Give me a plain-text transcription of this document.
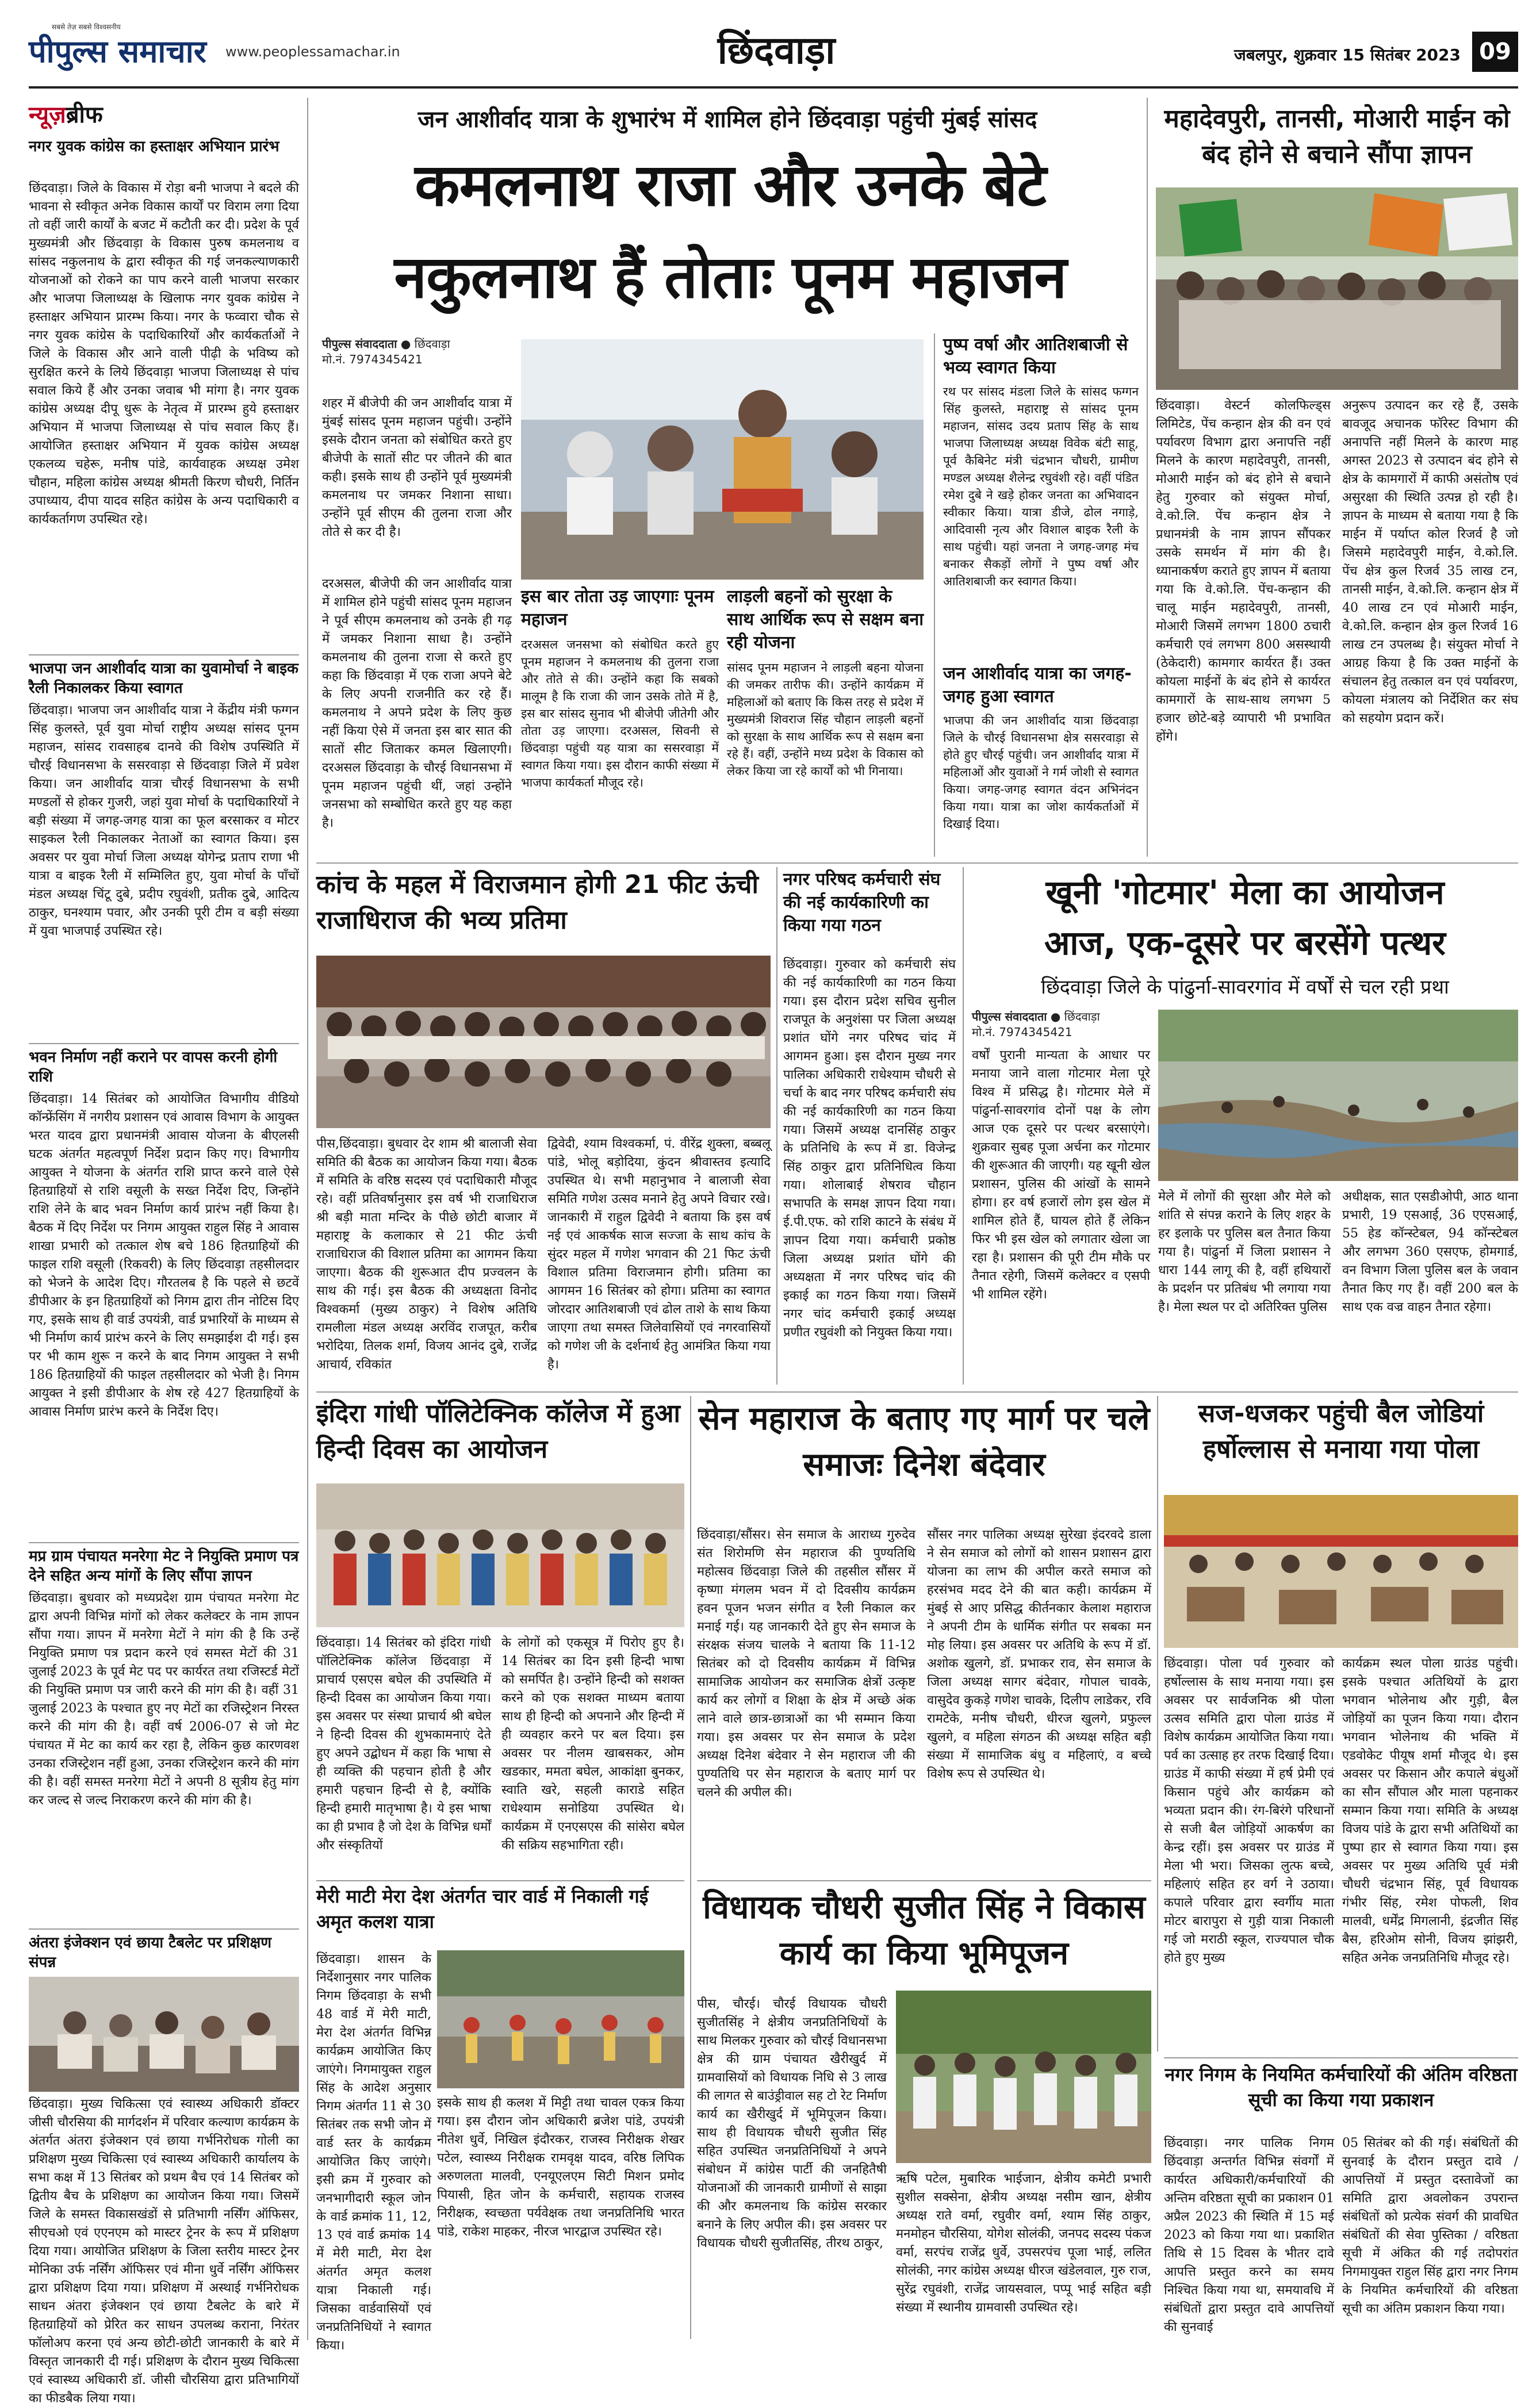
सबसे तेज़ सबसे विश्वसनीय
पीपुल्स समाचार	www.peoplessamachar.in	छिंदवाड़ा	जबलपुर, शुक्रवार 15 सितंबर 2023 09
न्यूज़ब्रीफ
नगर युवक कांग्रेस का हस्ताक्षर अभियान प्रारंभ
छिंदवाड़ा। जिले के विकास में रोड़ा बनी भाजपा ने बदले की भावना से स्वीकृत अनेक विकास कार्यों पर विराम लगा दिया तो वहीं जारी कार्यों के बजट में कटौती कर दी। प्रदेश के पूर्व मुख्यमंत्री और छिंदवाड़ा के विकास पुरुष कमलनाथ व सांसद नकुलनाथ के द्वारा स्वीकृत की गई जनकल्याणकारी योजनाओं को रोकने का पाप करने वाली भाजपा सरकार और भाजपा जिलाध्यक्ष के खिलाफ नगर युवक कांग्रेस ने हस्ताक्षर अभियान प्रारम्भ किया। नगर के फव्वारा चौक से नगर युवक कांग्रेस के पदाधिकारियों और कार्यकर्ताओं ने जिले के विकास और आने वाली पीढ़ी के भविष्य को सुरक्षित करने के लिये छिंदवाड़ा भाजपा जिलाध्यक्ष से पांच सवाल किये हैं और उनका जवाब भी मांगा है। नगर युवक कांग्रेस अध्यक्ष दीपू धुरू के नेतृत्व में प्रारम्भ हुये हस्ताक्षर अभियान में भाजपा जिलाध्यक्ष से पांच सवाल किए हैं। आयोजित हस्ताक्षर अभियान में युवक कांग्रेस अध्यक्ष एकलव्य चहेरू, मनीष पांडे, कार्यवाहक अध्यक्ष उमेश चौहान, महिला कांग्रेस अध्यक्ष श्रीमती किरण चौधरी, निर्तिन उपाध्याय, दीपा यादव सहित कांग्रेस के अन्य पदाधिकारी व कार्यकर्तागण उपस्थित रहे।
भाजपा जन आशीर्वाद यात्रा का युवामोर्चा ने बाइक रैली निकालकर किया स्वागत
छिंदवाड़ा। भाजपा जन आशीर्वाद यात्रा ने केंद्रीय मंत्री फग्गन सिंह कुलस्ते, पूर्व युवा मोर्चा राष्ट्रीय अध्यक्ष सांसद पूनम महाजन, सांसद रावसाहब दानवे की विशेष उपस्थिति में चौरई विधानसभा के ससरवाड़ा से छिंदवाड़ा जिले में प्रवेश किया। जन आशीर्वाद यात्रा चौरई विधानसभा के सभी मण्डलों से होकर गुजरी, जहां युवा मोर्चा के पदाधिकारियों ने बड़ी संख्या में जगह-जगह यात्रा का फूल बरसाकर व मोटर साइकल रैली निकालकर नेताओं का स्वागत किया। इस अवसर पर युवा मोर्चा जिला अध्यक्ष योगेन्द्र प्रताप राणा भी यात्रा व बाइक रैली में सम्मिलित हुए, युवा मोर्चा के पाँचों मंडल अध्यक्ष चिंटू दुबे, प्रदीप रघुवंशी, प्रतीक दुबे, आदित्य ठाकुर, घनश्याम पवार, और उनकी पूरी टीम व बड़ी संख्या में युवा भाजपाई उपस्थित रहे।
भवन निर्माण नहीं कराने पर वापस करनी होगी राशि
छिंदवाड़ा। 14 सितंबर को आयोजित विभागीय वीडियो कॉन्फ्रेंसिंग में नगरीय प्रशासन एवं आवास विभाग के आयुक्त भरत यादव द्वारा प्रधानमंत्री आवास योजना के बीएलसी घटक अंतर्गत महत्वपूर्ण निर्देश प्रदान किए गए। विभागीय आयुक्त ने योजना के अंतर्गत राशि प्राप्त करने वाले ऐसे हितग्राहियों से राशि वसूली के सख्त निर्देश दिए, जिन्होंने राशि लेने के बाद भवन निर्माण कार्य प्रारंभ नहीं किया है। बैठक में दिए निर्देश पर निगम आयुक्त राहुल सिंह ने आवास शाखा प्रभारी को तत्काल शेष बचे 186 हितग्राहियों की फाइल राशि वसूली (रिकवरी) के लिए छिंदवाड़ा तहसीलदार को भेजने के आदेश दिए। गौरतलब है कि पहले से छटवें डीपीआर के इन हितग्राहियों को निगम द्वारा तीन नोटिस दिए गए, इसके साथ ही वार्ड उपयंत्री, वार्ड प्रभारियों के माध्यम से भी निर्माण कार्य प्रारंभ करने के लिए समझाईश दी गई। इस पर भी काम शुरू न करने के बाद निगम आयुक्त ने सभी 186 हितग्राहियों की फाइल तहसीलदार को भेजी है। निगम आयुक्त ने इसी डीपीआर के शेष रहे 427 हितग्राहियों के आवास निर्माण प्रारंभ करने के निर्देश दिए।
मप्र ग्राम पंचायत मनरेगा मेट ने नियुक्ति प्रमाण पत्र देने सहित अन्य मांगों के लिए सौंपा ज्ञापन
छिंदवाड़ा। बुधवार को मध्यप्रदेश ग्राम पंचायत मनरेगा मेट द्वारा अपनी विभिन्न मांगों को लेकर कलेक्टर के नाम ज्ञापन सौंपा गया। ज्ञापन में मनरेगा मेटों ने मांग की है कि उन्हें नियुक्ति प्रमाण पत्र प्रदान करने एवं समस्त मेटों की 31 जुलाई 2023 के पूर्व मेट पद पर कार्यरत तथा रजिस्टर्ड मेटों की नियुक्ति प्रमाण पत्र जारी करने की मांग की है। वहीं 31 जुलाई 2023 के पश्चात हुए नए मेटों का रजिस्ट्रेशन निरस्त करने की मांग की है। वहीं वर्ष 2006-07 से जो मेट पंचायत में मेट का कार्य कर रहा है, लेकिन कुछ कारणवश उनका रजिस्ट्रेशन नहीं हुआ, उनका रजिस्ट्रेशन करने की मांग की है। वहीं समस्त मनरेगा मेटों ने अपनी 8 सूत्रीय हेतु मांग कर जल्द से जल्द निराकरण करने की मांग की है।
अंतरा इंजेक्शन एवं छाया टैबलेट पर प्रशिक्षण संपन्न
छिंदवाड़ा। मुख्य चिकित्सा एवं स्वास्थ्य अधिकारी डॉक्टर जीसी चौरसिया की मार्गदर्शन में परिवार कल्याण कार्यक्रम के अंतर्गत अंतरा इंजेक्शन एवं छाया गर्भनिरोधक गोली का प्रशिक्षण मुख्य चिकित्सा एवं स्वास्थ्य अधिकारी कार्यालय के सभा कक्ष में 13 सितंबर को प्रथम बैच एवं 14 सितंबर को द्वितीय बैच के प्रशिक्षण का आयोजन किया गया। जिसमें जिले के समस्त विकासखंडों से प्रतिभागी नर्सिंग ऑफिसर, सीएचओ एवं एएनएम को मास्टर ट्रेनर के रूप में प्रशिक्षण दिया गया। आयोजित प्रशिक्षण के जिला स्तरीय मास्टर ट्रेनर मोनिका उर्फ नर्सिंग ऑफिसर एवं मीना धुर्वे नर्सिंग ऑफिसर द्वारा प्रशिक्षण दिया गया। प्रशिक्षण में अस्थाई गर्भनिरोधक साधन अंतरा इंजेक्शन एवं छाया टैबलेट के बारे में हितग्राहियों को प्रेरित कर साधन उपलब्ध कराना, निरंतर फॉलोअप करना एवं अन्य छोटी-छोटी जानकारी के बारे में विस्तृत जानकारी दी गई। प्रशिक्षण के दौरान मुख्य चिकित्सा एवं स्वास्थ्य अधिकारी डॉ. जीसी चौरसिया द्वारा प्रतिभागियों का फीडबैक लिया गया।
जन आशीर्वाद यात्रा के शुभारंभ में शामिल होने छिंदवाड़ा पहुंची मुंबई सांसद
कमलनाथ राजा और उनके बेटे
नकुलनाथ हैं तोताः पूनम महाजन
पीपुल्स संवाददाता ● छिंदवाड़ा
मो.नं. 7974345421
शहर में बीजेपी की जन आशीर्वाद यात्रा में मुंबई सांसद पूनम महाजन पहुंची। उन्होंने इसके दौरान जनता को संबोधित करते हुए बीजेपी के सातों सीट पर जीतने की बात कही। इसके साथ ही उन्होंने पूर्व मुख्यमंत्री कमलनाथ पर जमकर निशाना साधा। उन्होंने पूर्व सीएम की तुलना राजा और तोते से कर दी है।
दरअसल, बीजेपी की जन आशीर्वाद यात्रा में शामिल होने पहुंची सांसद पूनम महाजन ने पूर्व सीएम कमलनाथ को उनके ही गढ़ में जमकर निशाना साधा है। उन्होंने कमलनाथ की तुलना राजा से करते हुए कहा कि छिंदवाड़ा में एक राजा अपने बेटे के लिए अपनी राजनीति कर रहे हैं। कमलनाथ ने अपने प्रदेश के लिए कुछ नहीं किया ऐसे में जनता इस बार सात की सातों सीट जिताकर कमल खिलाएगी। दरअसल छिंदवाड़ा के चौरई विधानसभा में पूनम महाजन पहुंची थीं, जहां उन्होंने जनसभा को सम्बोधित करते हुए यह कहा है।
इस बार तोता उड़ जाएगाः पूनम महाजन
दरअसल जनसभा को संबोधित करते हुए पूनम महाजन ने कमलनाथ की तुलना राजा और तोते से की। उन्होंने कहा कि सबको मालूम है कि राजा की जान उसके तोते में है, इस बार सांसद सुनाव भी बीजेपी जीतेगी और तोता उड़ जाएगा। दरअसल, सिवनी से छिंदवाड़ा पहुंची यह यात्रा का ससरवाड़ा में स्वागत किया गया। इस दौरान काफी संख्या में भाजपा कार्यकर्ता मौजूद रहे।
लाड़ली बहनों को सुरक्षा के साथ आर्थिक रूप से सक्षम बना रही योजना
सांसद पूनम महाजन ने लाड़ली बहना योजना की जमकर तारीफ की। उन्होंने कार्यक्रम में महिलाओं को बताए कि किस तरह से प्रदेश में मुख्यमंत्री शिवराज सिंह चौहान लाड़ली बहनों को सुरक्षा के साथ आर्थिक रूप से सक्षम बना रहे हैं। वहीं, उन्होंने मध्य प्रदेश के विकास को लेकर किया जा रहे कार्यों को भी गिनाया।
पुष्प वर्षा और आतिशबाजी से भव्य स्वागत किया
रथ पर सांसद मंडला जिले के सांसद फग्गन सिंह कुलस्ते, महाराष्ट्र से सांसद पूनम महाजन, सांसद उदय प्रताप सिंह के साथ भाजपा जिलाध्यक्ष अध्यक्ष विवेक बंटी साहू, पूर्व कैबिनेट मंत्री चंद्रभान चौधरी, ग्रामीण मण्डल अध्यक्ष शैलेन्द्र रघुवंशी रहे। वहीं पंडित रमेश दुबे ने खड़े होकर जनता का अभिवादन स्वीकार किया। यात्रा डीजे, ढोल नगाड़े, आदिवासी नृत्य और विशाल बाइक रैली के साथ पहुंची। यहां जनता ने जगह-जगह मंच बनाकर सैकड़ों लोगों ने पुष्प वर्षा और आतिशबाजी कर स्वागत किया।
जन आशीर्वाद यात्रा का जगह-जगह हुआ स्वागत
भाजपा की जन आशीर्वाद यात्रा छिंदवाड़ा जिले के चौरई विधानसभा क्षेत्र ससरवाड़ा से होते हुए चौरई पहुंची। जन आशीर्वाद यात्रा में महिलाओं और युवाओं ने गर्म जोशी से स्वागत किया। जगह-जगह स्वागत वंदन अभिनंदन किया गया। यात्रा का जोश कार्यकर्ताओं में दिखाई दिया।
महादेवपुरी, तानसी, मोआरी माईन को बंद होने से बचाने सौंपा ज्ञापन
छिंदवाड़ा। वेस्टर्न कोलफिल्ड्स लिमिटेड, पेंच कन्हान क्षेत्र की वन एवं पर्यावरण विभाग द्वारा अनापत्ति नहीं मिलने के कारण महादेवपुरी, तानसी, मोआरी माईन को बंद होने से बचाने हेतु गुरुवार को संयुक्त मोर्चा, वे.को.लि. पेंच कन्हान क्षेत्र ने प्रधानमंत्री के नाम ज्ञापन सौंपकर उसके समर्थन में मांग की है। ध्यानाकर्षण कराते हुए ज्ञापन में बताया गया कि वे.को.लि. पेंच-कन्हान की चालू माईन महादेवपुरी, तानसी, मोआरी जिसमें लगभग 1800 ठचारी कर्मचारी एवं लगभग 800 असस्थायी (ठेकेदारी) कामगार कार्यरत हैं। उक्त कोयला माईनों के बंद होने से कार्यरत कामगारों के साथ-साथ लगभग 5 हजार छोटे-बड़े व्यापारी भी प्रभावित होंगे।
अनुरूप उत्पादन कर रहे हैं, उसके बावजूद अचानक फॉरेस्ट विभाग की अनापत्ति नहीं मिलने के कारण माह अगस्त 2023 से उत्पादन बंद होने से क्षेत्र के कामगारों में काफी असंतोष एवं असुरक्षा की स्थिति उत्पन्न हो रही है। ज्ञापन के माध्यम से बताया गया है कि माईन में पर्याप्त कोल रिजर्व है जो जिसमे महादेवपुरी माईन, वे.को.लि. पेंच क्षेत्र कुल रिजर्व 35 लाख टन, तानसी माईन, वे.को.लि. कन्हान क्षेत्र में 40 लाख टन एवं मोआरी माईन, वे.को.लि. कन्हान क्षेत्र कुल रिजर्व 16 लाख टन उपलब्ध है। संयुक्त मोर्चा ने आग्रह किया है कि उक्त माईनों के संचालन हेतु तत्काल वन एवं पर्यावरण, कोयला मंत्रालय को निर्देशित कर संघ को सहयोग प्रदान करें।
कांच के महल में विराजमान होगी 21 फीट ऊंची राजाधिराज की भव्य प्रतिमा
पीस,छिंदवाड़ा। बुधवार देर शाम श्री बालाजी सेवा समिति की बैठक का आयोजन किया गया। बैठक में समिति के वरिष्ठ सदस्य एवं पदाधिकारी मौजूद रहे। वहीं प्रतिवर्षानुसार इस वर्ष भी राजाधिराज श्री बड़ी माता मन्दिर के पीछे छोटी बाजार में महाराष्ट्र के कलाकार से 21 फीट ऊंची राजाधिराज की विशाल प्रतिमा का आगमन किया जाएगा। बैठक की शुरूआत दीप प्रज्वलन के साथ की गई। इस बैठक की अध्यक्षता विनोद विश्वकर्मा (मुख्य ठाकुर) ने विशेष अतिथि रामलीला मंडल अध्यक्ष अरविंद राजपूत, करीब भरोदिया, तिलक शर्मा, विजय आनंद दुबे, राजेंद्र आचार्य, रविकांत
द्विवेदी, श्याम विश्वकर्मा, पं. वीरेंद्र शुक्ला, बब्बलू पांडे, भोलू बड़ोदिया, कुंदन श्रीवास्तव इत्यादि उपस्थित थे। सभी महानुभाव ने बालाजी सेवा समिति गणेश उत्सव मनाने हेतु अपने विचार रखे। जानकारी में राहुल द्विवेदी ने बताया कि इस वर्ष नई एवं आकर्षक साज सज्जा के साथ कांच के सुंदर महल में गणेश भगवान की 21 फिट ऊंची विशाल प्रतिमा विराजमान होगी। प्रतिमा का आगमन 16 सितंबर को होगा। प्रतिमा का स्वागत जोरदार आतिशबाजी एवं ढोल ताशे के साथ किया जाएगा तथा समस्त जिलेवासियों एवं नगरवासियों को गणेश जी के दर्शनार्थ हेतु आमंत्रित किया गया है।
नगर परिषद कर्मचारी संघ की नई कार्यकारिणी का किया गया गठन
छिंदवाड़ा। गुरुवार को कर्मचारी संघ की नई कार्यकारिणी का गठन किया गया। इस दौरान प्रदेश सचिव सुनील राजपूत के अनुशंसा पर जिला अध्यक्ष प्रशांत घोंगे नगर परिषद चांद में आगमन हुआ। इस दौरान मुख्य नगर पालिका अधिकारी राधेश्याम चौधरी से चर्चा के बाद नगर परिषद कर्मचारी संघ की नई कार्यकारिणी का गठन किया गया। जिसमें अध्यक्ष दानसिंह ठाकुर के प्रतिनिधि के रूप में डा. विजेन्द्र सिंह ठाकुर द्वारा प्रतिनिधित्व किया गया। शोलाबाई शेषराव चौहान सभापति के समक्ष ज्ञापन दिया गया। ई.पी.एफ. को राशि काटने के संबंध में ज्ञापन दिया गया। कर्मचारी प्रकोष्ठ जिला अध्यक्ष प्रशांत घोंगे की अध्यक्षता में नगर परिषद चांद की इकाई का गठन किया गया। जिसमें नगर चांद कर्मचारी इकाई अध्यक्ष प्रणीत रघुवंशी को नियुक्त किया गया।
खूनी 'गोटमार' मेला का आयोजन
आज, एक-दूसरे पर बरसेंगे पत्थर
छिंदवाड़ा जिले के पांढुर्ना-सावरगांव में वर्षों से चल रही प्रथा
पीपुल्स संवाददाता ● छिंदवाड़ा
मो.नं. 7974345421
वर्षों पुरानी मान्यता के आधार पर मनाया जाने वाला गोटमार मेला पूरे विश्व में प्रसिद्ध है। गोटमार मेले में पांढुर्ना-सावरगांव दोनों पक्ष के लोग आज एक दूसरे पर पत्थर बरसाएंगे। शुक्रवार सुबह पूजा अर्चना कर गोटमार की शुरूआत की जाएगी। यह खूनी खेल प्रशासन, पुलिस की आंखों के सामने होगा। हर वर्ष हजारों लोग इस खेल में शामिल होते हैं, घायल होते हैं लेकिन फिर भी इस खेल को लगातार खेला जा रहा है। प्रशासन की पूरी टीम मौके पर तैनात रहेगी, जिसमें कलेक्टर व एसपी भी शामिल रहेंगे।
मेले में लोगों की सुरक्षा और मेले को शांति से संपन्न कराने के लिए शहर के हर इलाके पर पुलिस बल तैनात किया गया है। पांढुर्ना में जिला प्रशासन ने धारा 144 लागू की है, वहीं हथियारों के प्रदर्शन पर प्रतिबंध भी लगाया गया है। मेला स्थल पर दो अतिरिक्त पुलिस
अधीक्षक, सात एसडीओपी, आठ थाना प्रभारी, 19 एसआई, 36 एएसआई, 55 हेड कॉन्स्टेबल, 94 कॉन्स्टेबल और लगभग 360 एसएफ, होमगार्ड, वन विभाग जिला पुलिस बल के जवान तैनात किए गए हैं। वहीं 200 बल के साथ एक वज्र वाहन तैनात रहेगा।
इंदिरा गांधी पॉलिटेक्निक कॉलेज में हुआ हिन्दी दिवस का आयोजन
छिंदवाड़ा। 14 सितंबर को इंदिरा गांधी पॉलिटेक्निक कॉलेज छिंदवाड़ा में प्राचार्य एसएस बघेल की उपस्थिति में हिन्दी दिवस का आयोजन किया गया। इस अवसर पर संस्था प्राचार्य श्री बघेल ने हिन्दी दिवस की शुभकामनाएं देते हुए अपने उद्बोधन में कहा कि भाषा से ही व्यक्ति की पहचान होती है और हमारी पहचान हिन्दी से है, क्योंकि हिन्दी हमारी मातृभाषा है। ये इस भाषा का ही प्रभाव है जो देश के विभिन्न धर्मों और संस्कृतियों
के लोगों को एकसूत्र में पिरोए हुए है। 14 सितंबर का दिन इसी हिन्दी भाषा को समर्पित है। उन्होंने हिन्दी को सशक्त करने को एक सशक्त माध्यम बताया साथ ही हिन्दी को अपनाने और हिन्दी में ही व्यवहार करने पर बल दिया। इस अवसर पर नीलम खाबसकर, ओम खडकार, ममता बघेल, आकांक्षा बुनकर, स्वाति खरे, सहली काराडे सहित राधेश्याम सनोडिया उपस्थित थे। कार्यक्रम में एनएसएस की सांसेरा बघेल की सक्रिय सहभागिता रही।
सेन महाराज के बताए गए मार्ग पर चले समाजः दिनेश बंदेवार
छिंदवाड़ा/सौंसर। सेन समाज के आराध्य गुरुदेव संत शिरोमणि सेन महाराज की पुण्यतिथि महोत्सव छिंदवाड़ा जिले की तहसील सौंसर में कृष्णा मंगलम भवन में दो दिवसीय कार्यक्रम हवन पूजन भजन संगीत व रैली निकाल कर मनाई गई। यह जानकारी देते हुए सेन समाज के संरक्षक संजय चालके ने बताया कि 11-12 सितंबर को दो दिवसीय कार्यक्रम में विभिन्न सामाजिक आयोजन कर समाजिक क्षेत्रों उत्कृष्ट कार्य कर लोगों व शिक्षा के क्षेत्र में अच्छे अंक लाने वाले छात्र-छात्राओं का भी सम्मान किया गया। इस अवसर पर सेन समाज के प्रदेश अध्यक्ष दिनेश बंदेवार ने सेन महाराज जी की पुण्यतिथि पर सेन महाराज के बताए मार्ग पर चलने की अपील की।
सौंसर नगर पालिका अध्यक्ष सुरेखा इंदरवदे डाला ने सेन समाज को लोगों को शासन प्रशासन द्वारा योजना का लाभ की अपील करते समाज को हरसंभव मदद देने की बात कही। कार्यक्रम में मुंबई से आए प्रसिद्ध कीर्तनकार केलाश महाराज ने अपनी टीम के धार्मिक संगीत पर सबका मन मोह लिया। इस अवसर पर अतिथि के रूप में डॉ. अशोक खुलगे, डॉ. प्रभाकर राव, सेन समाज के जिला अध्यक्ष सागर बंदेवार, गोपाल चावके, वासुदेव कुकड़े गणेश चावके, दिलीप लाडेकर, रवि रामटेके, मनीष चौधरी, धीरज खुलगे, प्रफुल्ल खुलगे, व महिला संगठन की अध्यक्ष सहित बड़ी संख्या में सामाजिक बंधु व महिलाएं, व बच्चे विशेष रूप से उपस्थित थे।
सज-धजकर पहुंची बैल जोडियां हर्षोल्लास से मनाया गया पोला
छिंदवाड़ा। पोला पर्व गुरुवार को हर्षोल्लास के साथ मनाया गया। इस अवसर पर सार्वजनिक श्री पोला उत्सव समिति द्वारा पोला ग्राउंड में विशेष कार्यक्रम आयोजित किया गया। पर्व का उत्साह हर तरफ दिखाई दिया। ग्राउंड में काफी संख्या में हर्ष प्रेमी एवं किसान पहुंचे और कार्यक्रम को भव्यता प्रदान की। रंग-बिरंगे परिधानों से सजी बैल जोड़ियों आकर्षण का केन्द्र रहीं। इस अवसर पर ग्राउंड में मेला भी भरा। जिसका लुत्फ बच्चे, महिलाएं सहित हर वर्ग ने उठाया। कपाले परिवार द्वारा स्वर्गीय माता मोटर बारापुरा से गुड़ी यात्रा निकाली गई जो मराठी स्कूल, राज्यपाल चौक होते हुए मुख्य
कार्यक्रम स्थल पोला ग्राउंड पहुंची। इसके पश्चात अतिथियों के द्वारा भगवान भोलेनाथ और गुड़ी, बैल जोड़ियों का पूजन किया गया। दौरान भगवान भोलेनाथ की भक्ति में एडवोकेट पीयूष शर्मा मौजूद थे। इस अवसर पर किसान और कपाले बंधुओं का सौन सौंपाल और माला पहनाकर सम्मान किया गया। समिति के अध्यक्ष विजय पांडे के द्वारा सभी अतिथियों का पुष्पा हार से स्वागत किया गया। इस अवसर पर मुख्य अतिथि पूर्व मंत्री चौधरी चंद्रभान सिंह, पूर्व विधायक गंभीर सिंह, रमेश पोफली, शिव मालवी, धर्मेंद्र मिगलानी, इंद्रजीत सिंह बैस, हरिओम सोनी, विजय झांझरी, सहित अनेक जनप्रतिनिधि मौजूद रहे।
मेरी माटी मेरा देश अंतर्गत चार वार्ड में निकाली गई अमृत कलश यात्रा
छिंदवाड़ा। शासन के निर्देशानुसार नगर पालिक निगम छिंदवाड़ा के सभी 48 वार्ड में मेरी माटी, मेरा देश अंतर्गत विभिन्न कार्यक्रम आयोजित किए जाएंगे। निगमायुक्त राहुल सिंह के आदेश अनुसार निगम अंतर्गत 11 से 30 सितंबर तक सभी जोन में वार्ड स्तर के कार्यक्रम आयोजित किए जाएंगे। इसी क्रम में गुरुवार को जनभागीदारी स्कूल जोन के वार्ड क्रमांक 11, 12, 13 एवं वार्ड क्रमांक 14 में मेरी माटी, मेरा देश अंतर्गत अमृत कलश यात्रा निकाली गई। जिसका वार्डवासियों एवं जनप्रतिनिधियों ने स्वागत किया।
इसके साथ ही कलश में मिट्टी तथा चावल एकत्र किया गया। इस दौरान जोन अधिकारी ब्रजेश पांडे, उपयंत्री नीतेश धुर्वे, निखिल इंदौरकर, राजस्व निरीक्षक शेखर पटेल, स्वास्थ्य निरीक्षक रामवृक्ष यादव, वरिष्ठ लिपिक अरुणलता मालवी, एनयूएलएम सिटी मिशन प्रमोद पियासी, हित जोन के कर्मचारी, सहायक राजस्व निरीक्षक, स्वच्छता पर्यवेक्षक तथा जनप्रतिनिधि भारत पांडे, राकेश माहकर, नीरज भारद्वाज उपस्थित रहे।
विधायक चौधरी सुजीत सिंह ने विकास कार्य का किया भूमिपूजन
पीस, चौरई। चौरई विधायक चौधरी सुजीतसिंह ने क्षेत्रीय जनप्रतिनिधियों के साथ मिलकर गुरुवार को चौरई विधानसभा क्षेत्र की ग्राम पंचायत खैरीखुर्द में ग्रामवासियों को विधायक निधि से 3 लाख की लागत से बाउंड्रीवाल सह टो रेट निर्माण कार्य का खैरीखुर्द में भूमिपूजन किया। साथ ही विधायक चौधरी सुजीत सिंह सहित उपस्थित जनप्रतिनिधियों ने अपने संबोधन में कांग्रेस पार्टी की जनहितैषी योजनाओं की जानकारी ग्रामीणों से साझा की और कमलनाथ कि कांग्रेस सरकार बनाने के लिए अपील की। इस अवसर पर विधायक चौधरी सुजीतसिंह, तीरथ ठाकुर,
ऋषि पटेल, मुबारिक भाईजान, क्षेत्रीय कमेटी प्रभारी सुशील सक्सेना, क्षेत्रीय अध्यक्ष नसीम खान, क्षेत्रीय अध्यक्ष राते वर्मा, रघुवीर वर्मा, श्याम सिंह ठाकुर, मनमोहन चौरसिया, योगेश सोलंकी, जनपद सदस्य पंकज वर्मा, सरपंच राजेंद्र धुर्वे, उपसरपंच पूजा भाई, ललित सोलंकी, नगर कांग्रेस अध्यक्ष धीरज खंडेलवाल, गुरु राज, सुरेंद्र रघुवंशी, राजेंद्र जायसवाल, पप्पू भाई सहित बड़ी संख्या में स्थानीय ग्रामवासी उपस्थित रहे।
नगर निगम के नियमित कर्मचारियों की अंतिम वरिष्ठता सूची का किया गया प्रकाशन
छिंदवाड़ा। नगर पालिक निगम छिंदवाड़ा अन्तर्गत विभिन्न संवर्गों में कार्यरत अधिकारी/कर्मचारियों की अन्तिम वरिष्ठता सूची का प्रकाशन 01 अप्रैल 2023 की स्थिति में 15 मई 2023 को किया गया था। प्रकाशित तिथि से 15 दिवस के भीतर दावे आपत्ति प्रस्तुत करने का समय निश्चित किया गया था, समयावधि में संबंधितों द्वारा प्रस्तुत दावे आपत्तियों की सुनवाई
05 सितंबर को की गई। संबंधितों की सुनवाई के दौरान प्रस्तुत दावे / आपत्तियों में प्रस्तुत दस्तावेजों का समिति द्वारा अवलोकन उपरान्त संबंधितों को प्रत्येक संवर्ग की प्रावधित संबंधितों की सेवा पुस्तिका / वरिष्ठता सूची में अंकित की गई तदोपरांत निगमायुक्त राहुल सिंह द्वारा नगर निगम के नियमित कर्मचारियों की वरिष्ठता सूची का अंतिम प्रकाशन किया गया।
